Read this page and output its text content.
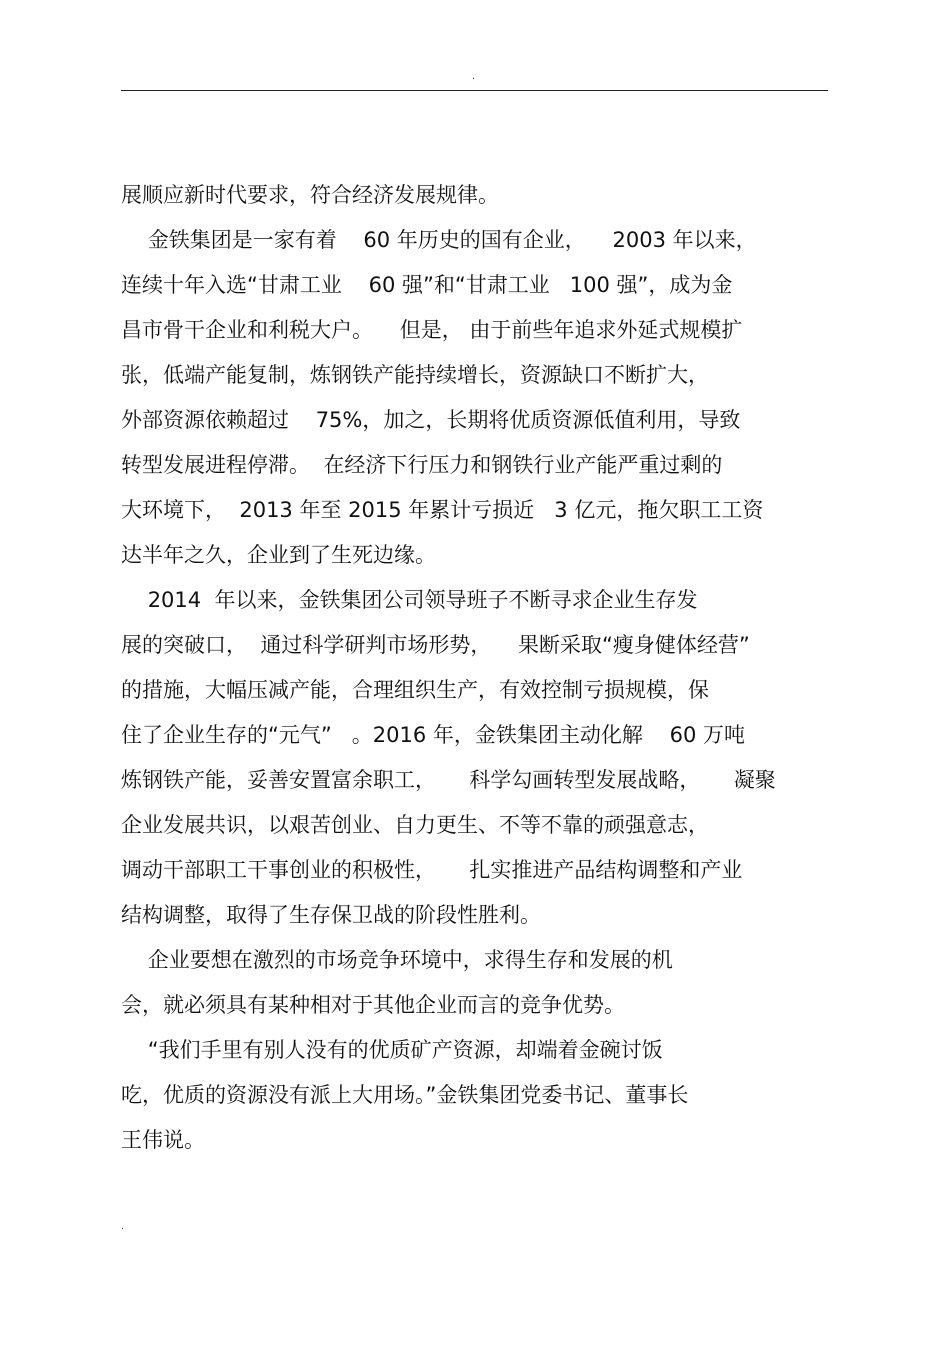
.
展顺应新时代要求，符合经济发展规律。
金铁集团是一家有着    60 年历史的国有企业，    2003 年以来，
连续十年入选“甘肃工业    60 强”和“甘肃工业   100 强”，成为金
昌市骨干企业和利税大户。    但是， 由于前些年追求外延式规模扩
张，低端产能复制，炼钢铁产能持续增长，资源缺口不断扩大，
外部资源依赖超过    75%，加之，长期将优质资源低值利用，导致
转型发展进程停滞。  在经济下行压力和钢铁行业产能严重过剩的
大环境下，  2013 年至 2015 年累计亏损近   3 亿元，拖欠职工工资
达半年之久，企业到了生死边缘。
2014  年以来，金铁集团公司领导班子不断寻求企业生存发
展的突破口，  通过科学研判市场形势，    果断采取“瘦身健体经营”
的措施，大幅压减产能，合理组织生产，有效控制亏损规模，保
住了企业生存的“元气”   。2016 年，金铁集团主动化解    60 万吨
炼钢铁产能，妥善安置富余职工，     科学勾画转型发展战略，     凝聚
企业发展共识，以艰苦创业、自力更生、不等不靠的顽强意志，
调动干部职工干事创业的积极性，     扎实推进产品结构调整和产业
结构调整，取得了生存保卫战的阶段性胜利。
企业要想在激烈的市场竞争环境中，求得生存和发展的机
会，就必须具有某种相对于其他企业而言的竞争优势。
“我们手里有别人没有的优质矿产资源，却端着金碗讨饭
吃，优质的资源没有派上大用场。”金铁集团党委书记、董事长
王伟说。
.
